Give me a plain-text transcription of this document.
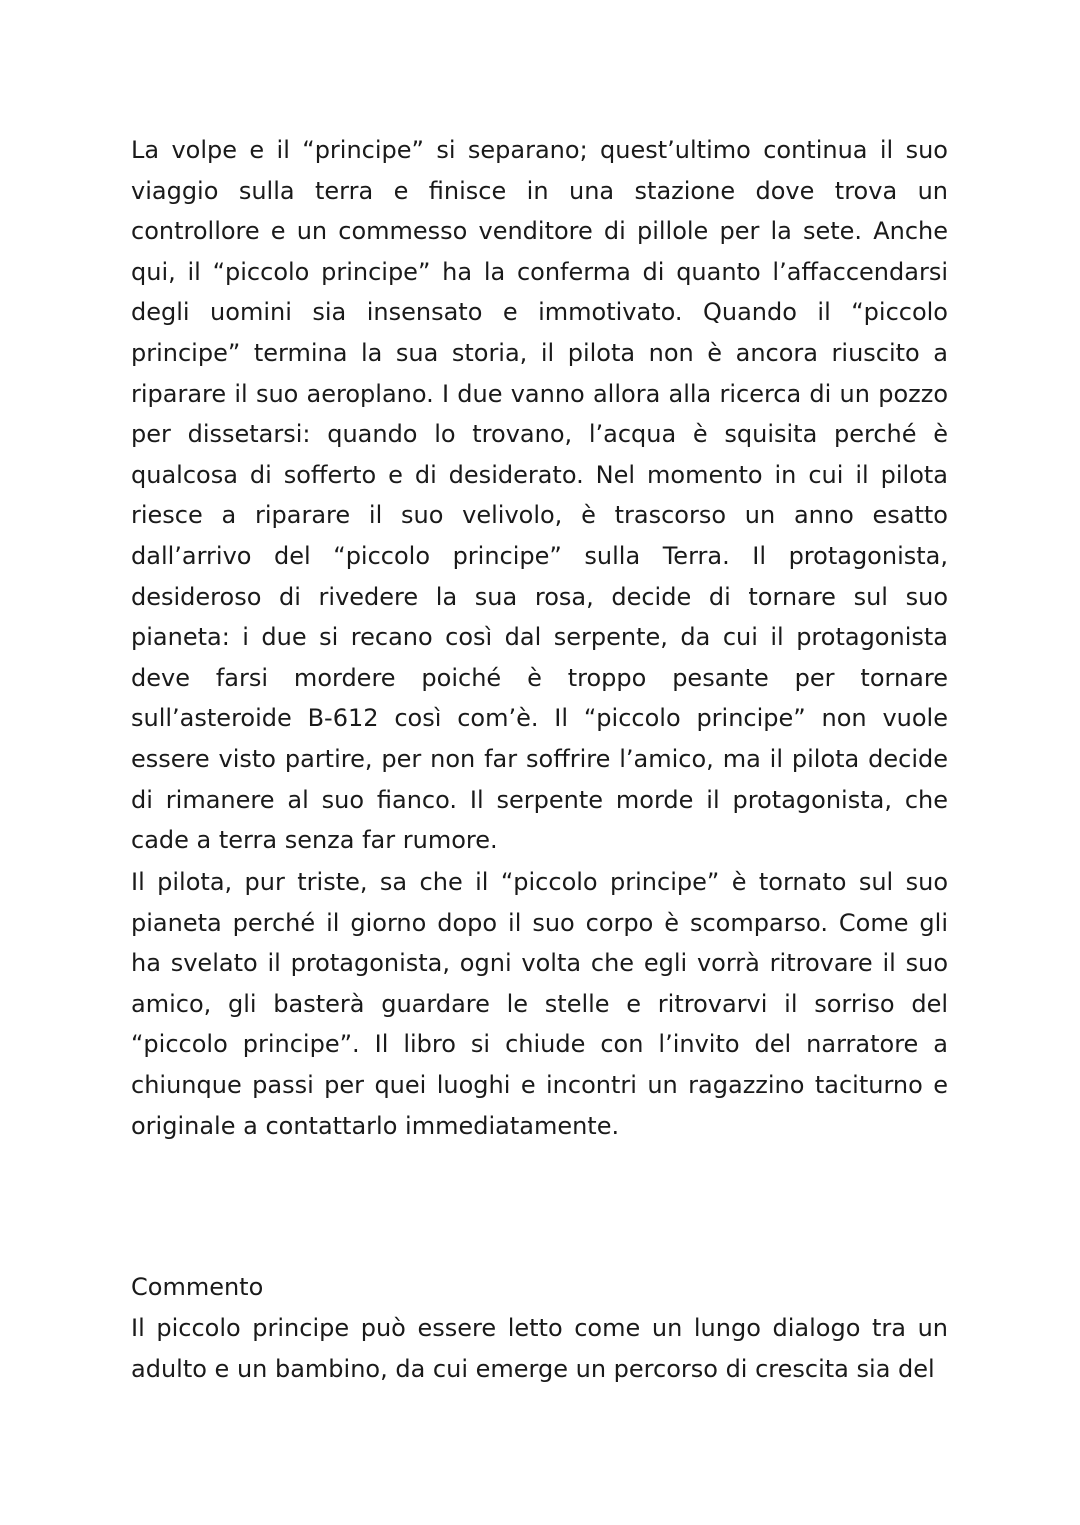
La volpe e il “principe” si separano; quest’ultimo continua il suo viaggio sulla terra e finisce in una stazione dove trova un controllore e un commesso venditore di pillole per la sete. Anche qui, il “piccolo principe” ha la conferma di quanto l’affaccendarsi degli uomini sia insensato e immotivato. Quando il “piccolo principe” termina la sua storia, il pilota non è ancora riuscito a riparare il suo aeroplano. I due vanno allora alla ricerca di un pozzo per dissetarsi: quando lo trovano, l’acqua è squisita perché è qualcosa di sofferto e di desiderato. Nel momento in cui il pilota riesce a riparare il suo velivolo, è trascorso un anno esatto dall’arrivo del “piccolo principe” sulla Terra. Il protagonista, desideroso di rivedere la sua rosa, decide di tornare sul suo pianeta: i due si recano così dal serpente, da cui il protagonista deve farsi mordere poiché è troppo pesante per tornare sull’asteroide B-612 così com’è. Il “piccolo principe” non vuole essere visto partire, per non far soffrire l’amico, ma il pilota decide di rimanere al suo fianco. Il serpente morde il protagonista, che cade a terra senza far rumore.

Il pilota, pur triste, sa che il “piccolo principe” è tornato sul suo pianeta perché il giorno dopo il suo corpo è scomparso. Come gli ha svelato il protagonista, ogni volta che egli vorrà ritrovare il suo amico, gli basterà guardare le stelle e ritrovarvi il sorriso del “piccolo principe”. Il libro si chiude con l’invito del narratore a chiunque passi per quei luoghi e incontri un ragazzino taciturno e originale a contattarlo immediatamente.

Commento

Il piccolo principe può essere letto come un lungo dialogo tra un adulto e un bambino, da cui emerge un percorso di crescita sia del
